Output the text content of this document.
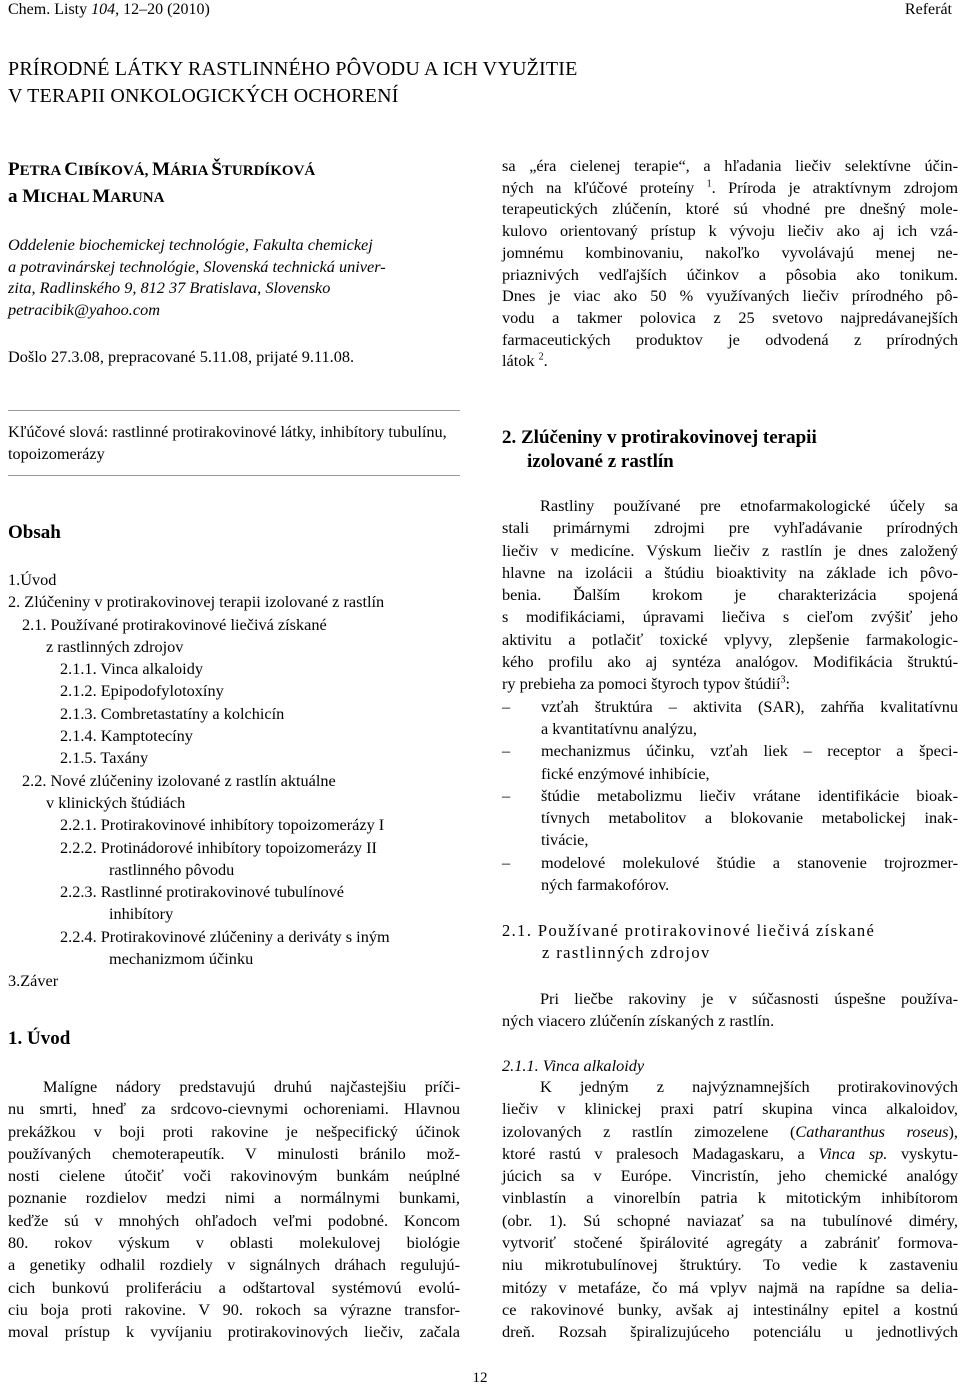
Chem. Listy 104, 12–20 (2010)	Referát
PRÍRODNÉ LÁTKY RASTLINNÉHO PÔVODU A ICH VYUŽITIE
V TERAPII ONKOLOGICKÝCH OCHORENÍ
PETRA CIBÍKOVÁ, MÁRIA ŠTURDÍKOVÁ
a MICHAL MARUNA
Oddelenie biochemickej technológie, Fakulta chemickej
a potravinárskej technológie, Slovenská technická univer-
zita, Radlinského 9, 812 37 Bratislava, Slovensko
petracibik@yahoo.com
Došlo 27.3.08, prepracované 5.11.08, prijaté 9.11.08.
Kľúčové slová: rastlinné protirakovinové látky, inhibítory tubulínu, topoizomerázy
Obsah
1.Úvod
2. Zlúčeniny v protirakovinovej terapii izolované z rastlín
2.1. Používané protirakovinové liečivá získané
z rastlinných zdrojov
2.1.1. Vinca alkaloidy
2.1.2. Epipodofylotoxíny
2.1.3. Combretastatíny a kolchicín
2.1.4. Kamptotecíny
2.1.5. Taxány
2.2. Nové zlúčeniny izolované z rastlín aktuálne
v klinických štúdiách
2.2.1. Protirakovinové inhibítory topoizomerázy I
2.2.2. Protinádorové inhibítory topoizomerázy II
rastlinného pôvodu
2.2.3. Rastlinné protirakovinové tubulínové
inhibítory
2.2.4. Protirakovinové zlúčeniny a deriváty s iným
mechanizmom účinku
3.Záver
1. Úvod
Malígne nádory predstavujú druhú najčastejšiu príči-
nu smrti, hneď za srdcovo-cievnymi ochoreniami. Hlavnou
prekážkou v boji proti rakovine je nešpecifický účinok
používaných chemoterapeutík. V minulosti bránilo mož-
nosti cielene útočiť voči rakovinovým bunkám neúplné
poznanie rozdielov medzi nimi a normálnymi bunkami,
keďže sú v mnohých ohľadoch veľmi podobné. Koncom
80. rokov výskum v oblasti molekulovej biológie
a genetiky odhalil rozdiely v signálnych dráhach regulujú-
cich bunkovú proliferáciu a odštartoval systémovú evolú-
ciu boja proti rakovine. V 90. rokoch sa výrazne transfor-
moval prístup k vyvíjaniu protirakovinových liečiv, začala
sa „éra cielenej terapie“, a hľadania liečiv selektívne účin-
ných na kľúčové proteíny $^1$. Príroda je atraktívnym zdrojom
terapeutických zlúčenín, ktoré sú vhodné pre dnešný mole-
kulovo orientovaný prístup k vývoju liečiv ako aj ich vzá-
jomnému kombinovaniu, nakoľko vyvolávajú menej ne-
priaznivých vedľajších účinkov a pôsobia ako tonikum.
Dnes je viac ako 50 % využívaných liečiv prírodného pô-
vodu a takmer polovica z 25 svetovo najpredávanejších
farmaceutických produktov je odvodená z prírodných
látok $^2$.
2. Zlúčeniny v protirakovinovej terapii
izolované z rastlín
Rastliny používané pre etnofarmakologické účely sa
stali primárnymi zdrojmi pre vyhľadávanie prírodných
liečiv v medicíne. Výskum liečiv z rastlín je dnes založený
hlavne na izolácii a štúdiu bioaktivity na základe ich pôvo-
benia. Ďalším krokom je charakterizácia spojená
s modifikáciami, úpravami liečiva s cieľom zvýšiť jeho
aktivitu a potlačiť toxické vplyvy, zlepšenie farmakologic-
kého profilu ako aj syntéza analógov. Modifikácia štruktú-
ry prebieha za pomoci štyroch typov štúdií$^3$:
– vzťah štruktúra – aktivita (SAR), zahŕňa kvalitatívnu
a kvantitatívnu analýzu,
– mechanizmus účinku, vzťah liek – receptor a špeci-
fické enzýmové inhibície,
– štúdie metabolizmu liečiv vrátane identifikácie bioak-
tívnych metabolitov a blokovanie metabolickej inak-
tivácie,
– modelové molekulové štúdie a stanovenie trojrozmer-
ných farmakofórov.
2.1. Používané protirakovinové liečivá získané
z rastlinných zdrojov
Pri liečbe rakoviny je v súčasnosti úspešne používa-
ných viacero zlúčenín získaných z rastlín.
2.1.1. Vinca alkaloidy
K jedným z najvýznamnejších protirakovinových
liečiv v klinickej praxi patrí skupina vinca alkaloidov,
izolovaných z rastlín zimozelene (Catharanthus roseus),
ktoré rastú v pralesoch Madagaskaru, a Vinca sp. vyskytu-
júcich sa v Európe. Vincristín, jeho chemické analógy
vinblastín a vinorelbín patria k mitotickým inhibítorom
(obr. 1). Sú schopné naviazať sa na tubulínové diméry,
vytvoriť stočené špirálovité agregáty a zabrániť formova-
niu mikrotubulínovej štruktúry. To vedie k zastaveniu
mitózy v metafáze, čo má vplyv najmä na rapídne sa delia-
ce rakovinové bunky, avšak aj intestinálny epitel a kostnú
dreň. Rozsah špiralizujúceho potenciálu u jednotlivých
12
